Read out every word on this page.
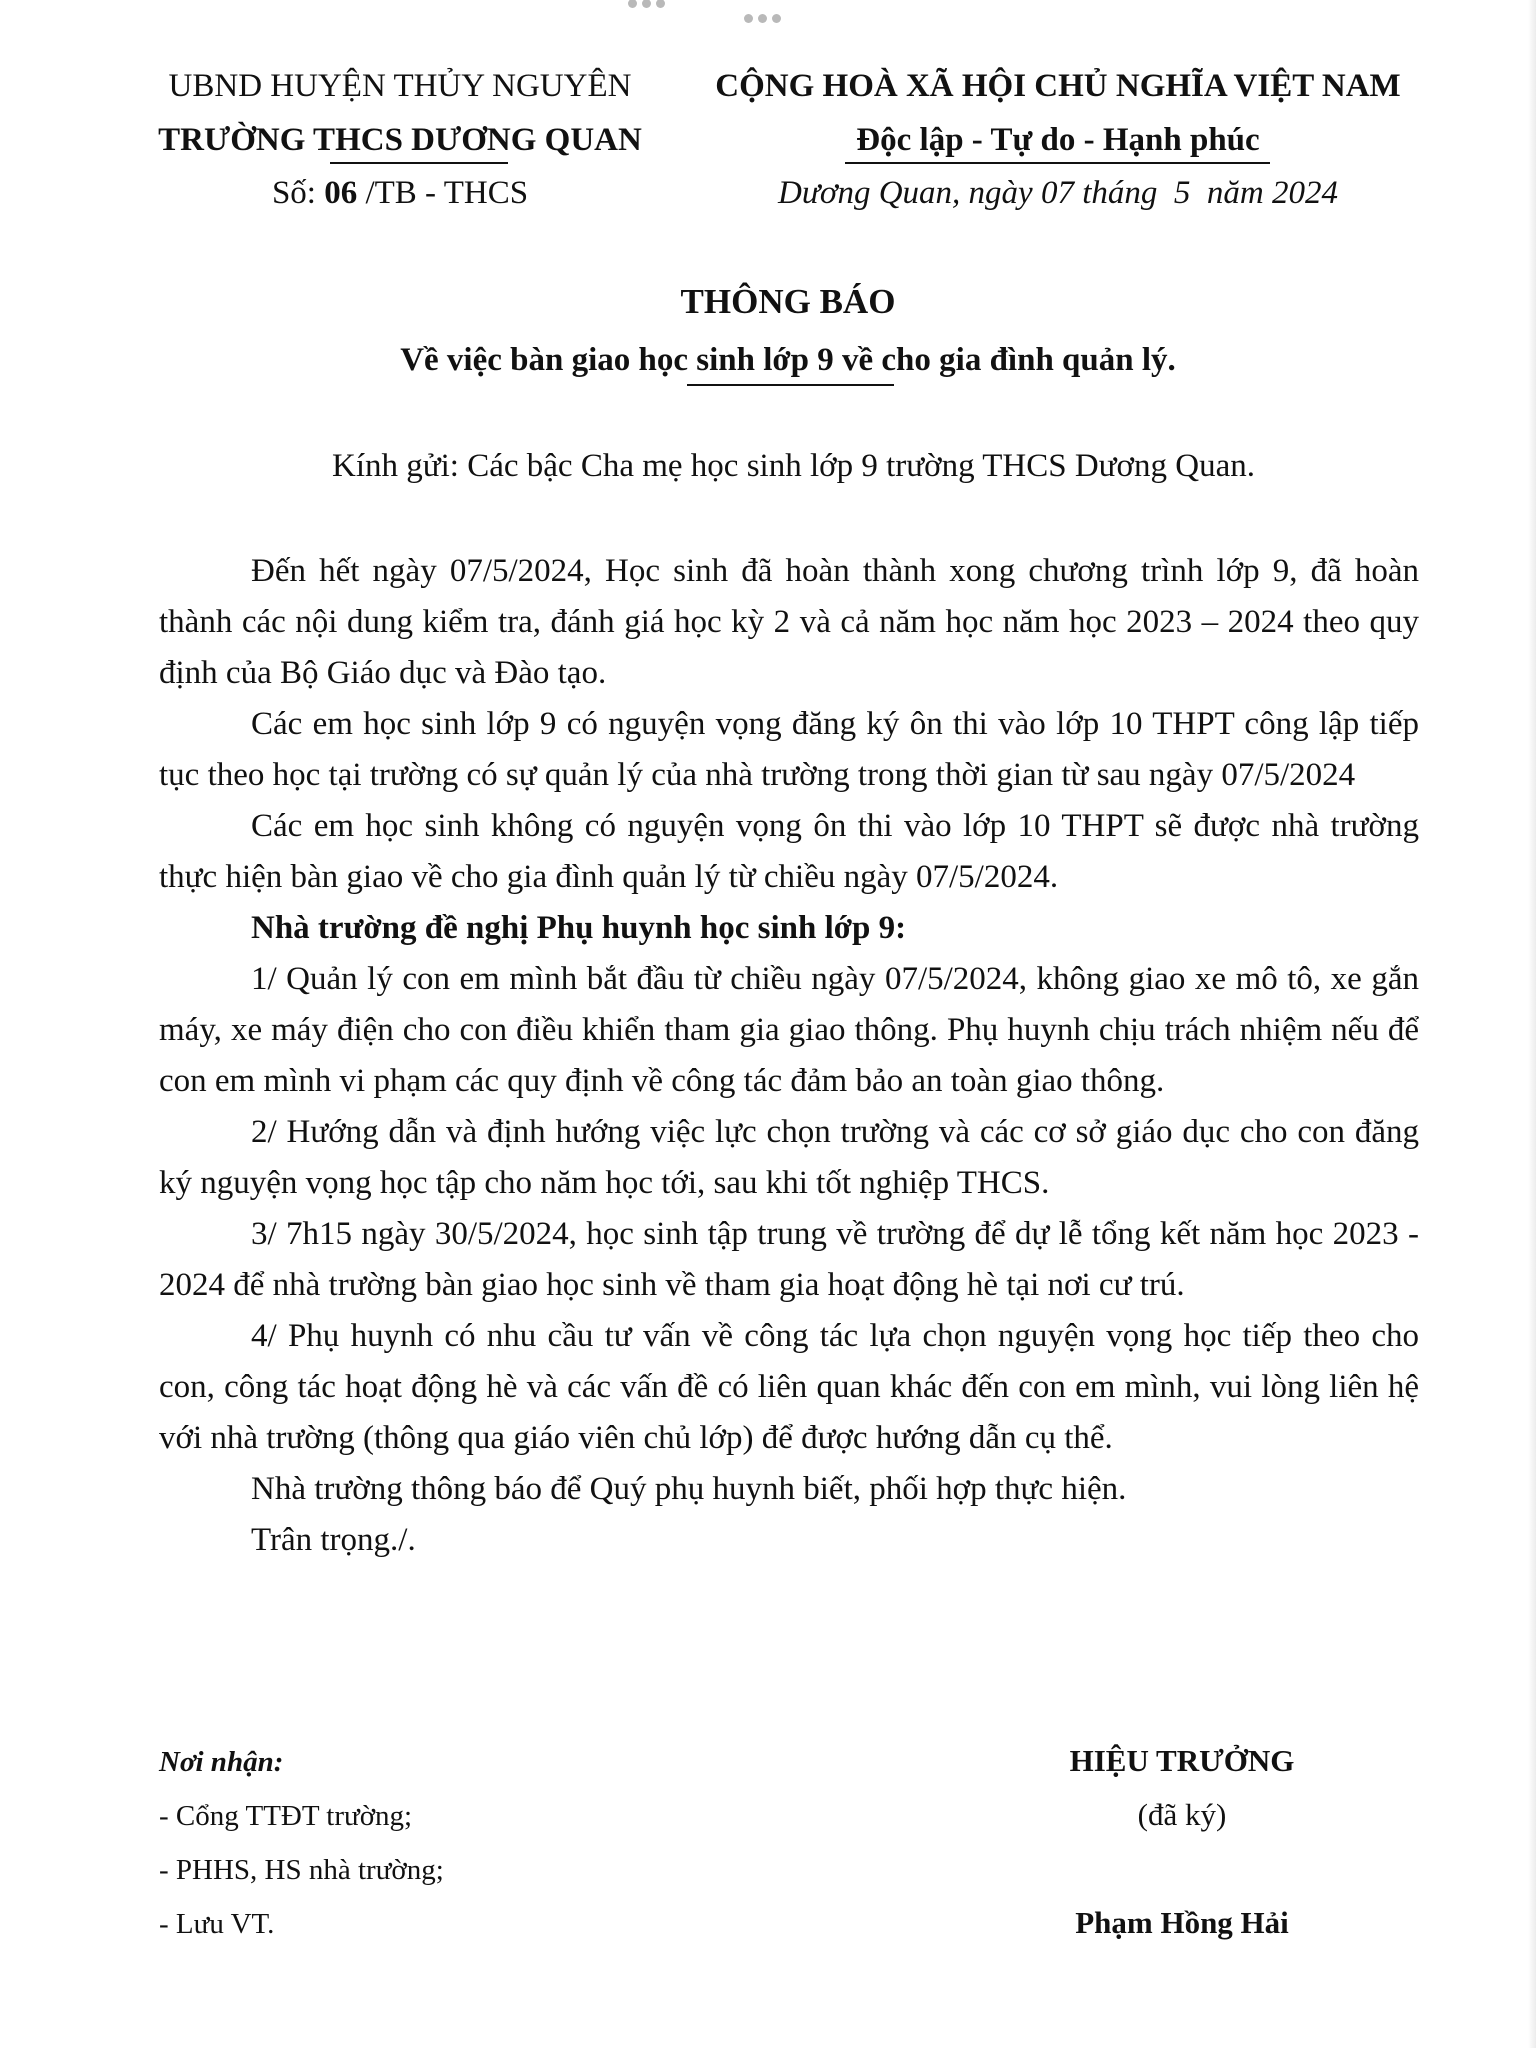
UBND HUYỆN THỦY NGUYÊN
TRƯỜNG THCS DƯƠNG QUAN
Số: 06 /TB - THCS
CỘNG HOÀ XÃ HỘI CHỦ NGHĨA VIỆT NAM
Độc lập - Tự do - Hạnh phúc
Dương Quan, ngày 07 tháng  5  năm 2024
THÔNG BÁO
Về việc bàn giao học sinh lớp 9 về cho gia đình quản lý.
Kính gửi: Các bậc Cha mẹ học sinh lớp 9 trường THCS Dương Quan.

Đến hết ngày 07/5/2024, Học sinh đã hoàn thành xong chương trình lớp 9, đã hoàn thành các nội dung kiểm tra, đánh giá học kỳ 2 và cả năm học năm học 2023 – 2024 theo quy định của Bộ Giáo dục và Đào tạo.

Các em học sinh lớp 9 có nguyện vọng đăng ký ôn thi vào lớp 10 THPT công lập tiếp tục theo học tại trường có sự quản lý của nhà trường trong thời gian từ sau ngày 07/5/2024

Các em học sinh không có nguyện vọng ôn thi vào lớp 10 THPT sẽ được nhà trường thực hiện bàn giao về cho gia đình quản lý từ chiều ngày 07/5/2024.

Nhà trường đề nghị Phụ huynh học sinh lớp 9:

1/ Quản lý con em mình bắt đầu từ chiều ngày 07/5/2024, không giao xe mô tô, xe gắn máy, xe máy điện cho con điều khiển tham gia giao thông. Phụ huynh chịu trách nhiệm nếu để con em mình vi phạm các quy định về công tác đảm bảo an toàn giao thông.

2/ Hướng dẫn và định hướng việc lực chọn trường và các cơ sở giáo dục cho con đăng ký nguyện vọng học tập cho năm học tới, sau khi tốt nghiệp THCS.

3/ 7h15 ngày 30/5/2024, học sinh tập trung về trường để dự lễ tổng kết năm học 2023 - 2024 để nhà trường bàn giao học sinh về tham gia hoạt động hè tại nơi cư trú.

4/ Phụ huynh có nhu cầu tư vấn về công tác lựa chọn nguyện vọng học tiếp theo cho con, công tác hoạt động hè và các vấn đề có liên quan khác đến con em mình, vui lòng liên hệ với nhà trường (thông qua giáo viên chủ lớp) để được hướng dẫn cụ thể.

Nhà trường thông báo để Quý phụ huynh biết, phối hợp thực hiện.

Trân trọng./.

Nơi nhận:
- Cổng TTĐT trường;
- PHHS, HS nhà trường;
- Lưu VT.
HIỆU TRƯỞNG
(đã ký)
Phạm Hồng Hải
